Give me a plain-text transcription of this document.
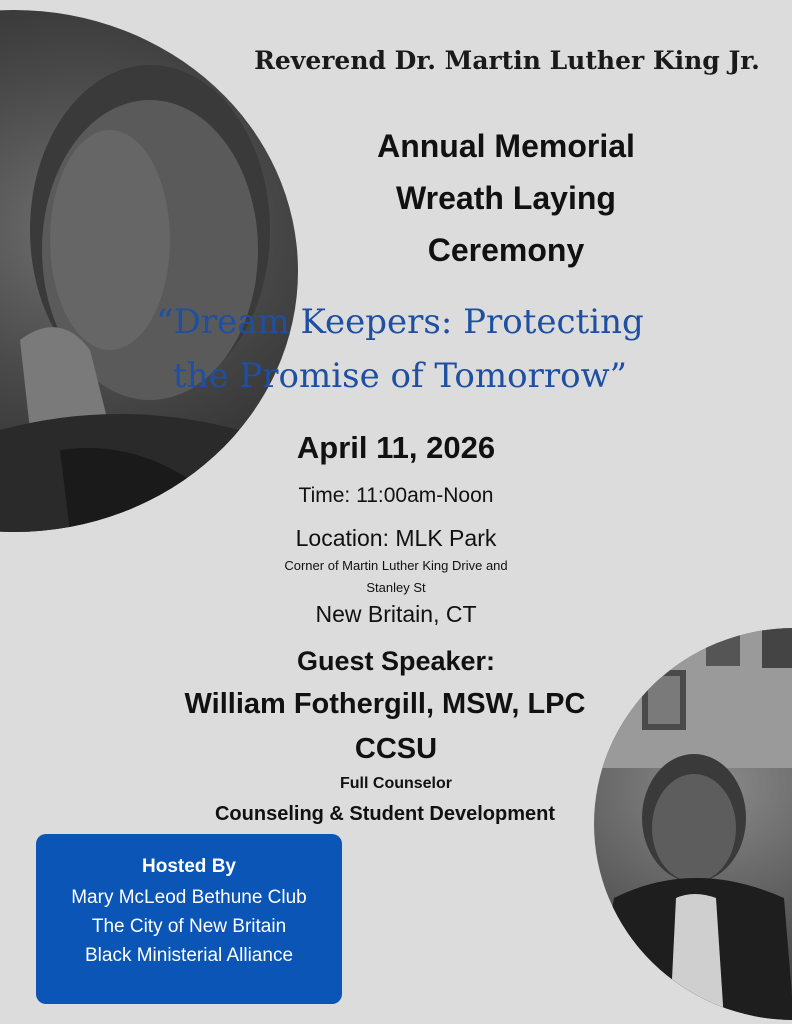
Reverend Dr. Martin Luther King Jr.
Annual Memorial
Wreath Laying
Ceremony
“Dream Keepers: Protecting
the Promise of Tomorrow”
April 11, 2026
Time: 11:00am-Noon
Location: MLK Park
Corner of Martin Luther King Drive and
Stanley St
New Britain, CT
Guest Speaker:
William Fothergill, MSW, LPC
CCSU
Full Counselor
Counseling & Student Development
Hosted By
Mary McLeod Bethune Club
The City of New Britain
Black Ministerial Alliance
